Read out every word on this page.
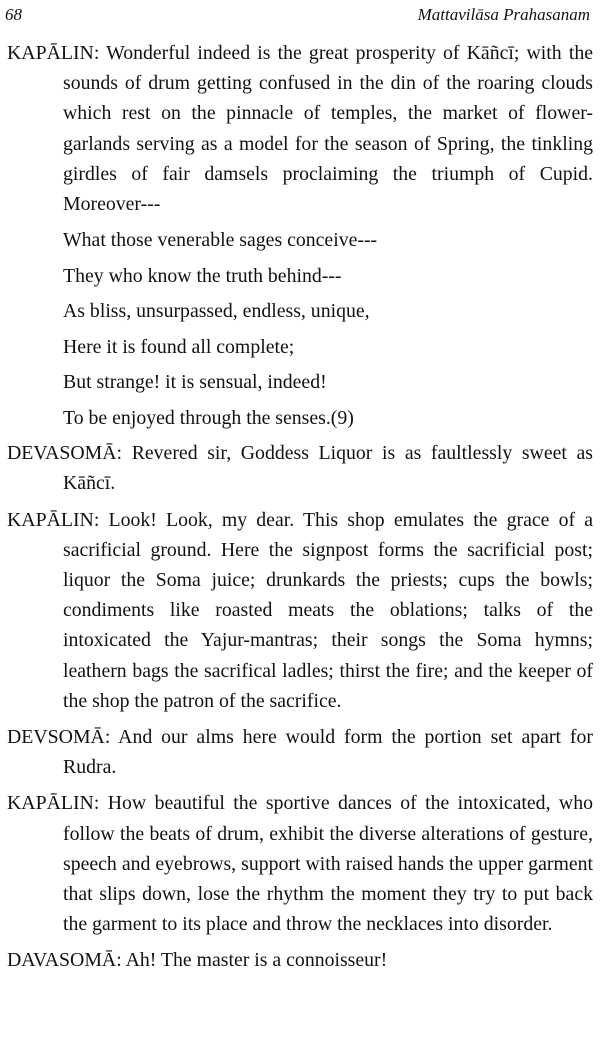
68	Mattavilāsa Prahasanam

KAPĀLIN: Wonderful indeed is the great prosperity of Kāñcī; with the sounds of drum getting confused in the din of the roaring clouds which rest on the pinnacle of temples, the market of flower-garlands serving as a model for the season of Spring, the tinkling girdles of fair damsels proclaiming the triumph of Cupid. Moreover---

What those venerable sages conceive---
They who know the truth behind---
As bliss, unsurpassed, endless, unique,
Here it is found all complete;
But strange! it is sensual, indeed!
To be enjoyed through the senses.(9)

DEVASOMĀ: Revered sir, Goddess Liquor is as faultlessly sweet as Kāñcī.

KAPĀLIN: Look! Look, my dear. This shop emulates the grace of a sacrificial ground. Here the signpost forms the sacrificial post; liquor the Soma juice; drunkards the priests; cups the bowls; condiments like roasted meats the oblations; talks of the intoxicated the Yajur-mantras; their songs the Soma hymns; leathern bags the sacrifical ladles; thirst the fire; and the keeper of the shop the patron of the sacrifice.

DEVSOMĀ: And our alms here would form the portion set apart for Rudra.

KAPĀLIN: How beautiful the sportive dances of the intoxicated, who follow the beats of drum, exhibit the diverse alterations of gesture, speech and eyebrows, support with raised hands the upper garment that slips down, lose the rhythm the moment they try to put back the garment to its place and throw the necklaces into disorder.

DAVASOMĀ: Ah! The master is a connoisseur!
